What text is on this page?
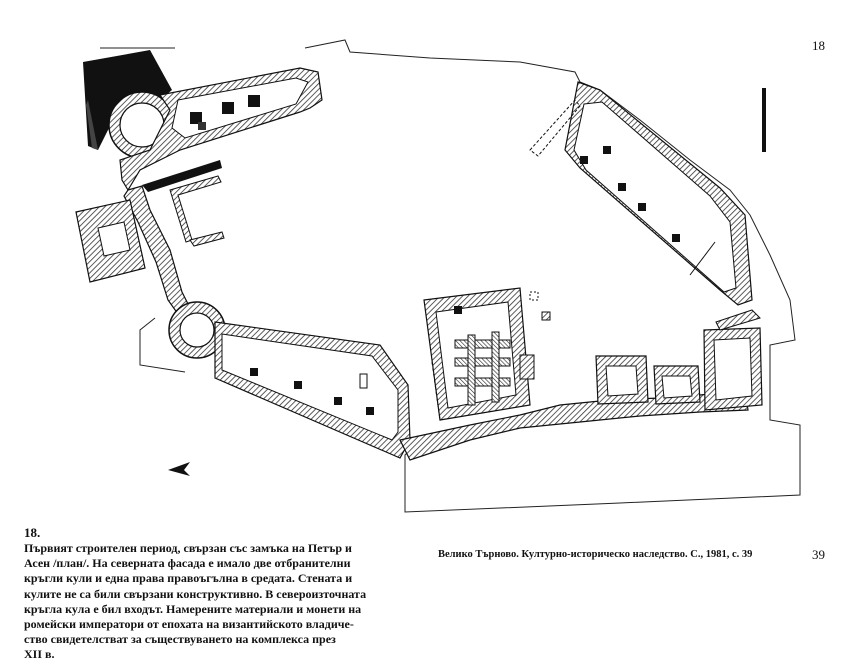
18
18.
Първият строителен период, свързан със замъка на Петър и
Асен /план/. На северната фасада е имало две отбранителни
кръгли кули и една права правоъгълна в средата. Стената и
кулите не са били свързани конструктивно. В североизточната
кръгла кула е бил входът. Намерените материали и монети на
ромейски императори от епохата на византийското владиче-
ство свидетелстват за съществуването на комплекса през
XII в.
Велико Търново. Културно-историческо наследство. С., 1981, с. 39	39
